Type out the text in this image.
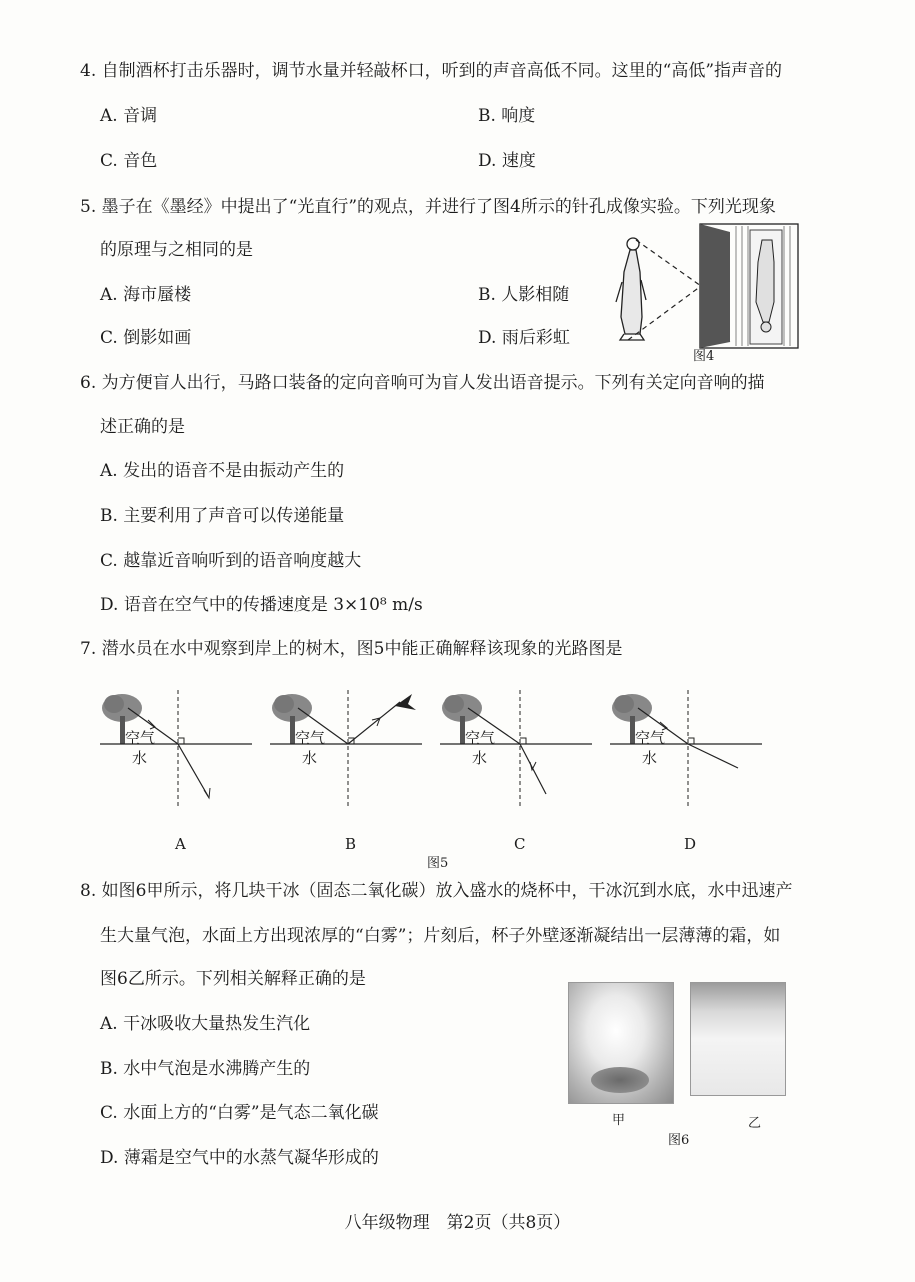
4. 自制酒杯打击乐器时，调节水量并轻敲杯口，听到的声音高低不同。这里的“高低”指声音的
A. 音调	B. 响度
C. 音色	D. 速度
5. 墨子在《墨经》中提出了“光直行”的观点，并进行了图4所示的针孔成像实验。下列光现象
的原理与之相同的是
A. 海市蜃楼	B. 人影相随
C. 倒影如画	D. 雨后彩虹
图4
6. 为方便盲人出行，马路口装备的定向音响可为盲人发出语音提示。下列有关定向音响的描
述正确的是
A. 发出的语音不是由振动产生的
B. 主要利用了声音可以传递能量
C. 越靠近音响听到的语音响度越大
D. 语音在空气中的传播速度是 3×10⁸ m/s
7. 潜水员在水中观察到岸上的树木，图5中能正确解释该现象的光路图是
空气
水
空气
水
空气
水
空气
水
A	B	C	D
图5
8. 如图6甲所示，将几块干冰（固态二氧化碳）放入盛水的烧杯中，干冰沉到水底，水中迅速产
生大量气泡，水面上方出现浓厚的“白雾”；片刻后，杯子外壁逐渐凝结出一层薄薄的霜，如
图6乙所示。下列相关解释正确的是
A. 干冰吸收大量热发生汽化
B. 水中气泡是水沸腾产生的
C. 水面上方的“白雾”是气态二氧化碳
D. 薄霜是空气中的水蒸气凝华形成的
甲	乙
图6
八年级物理　第2页（共8页）
